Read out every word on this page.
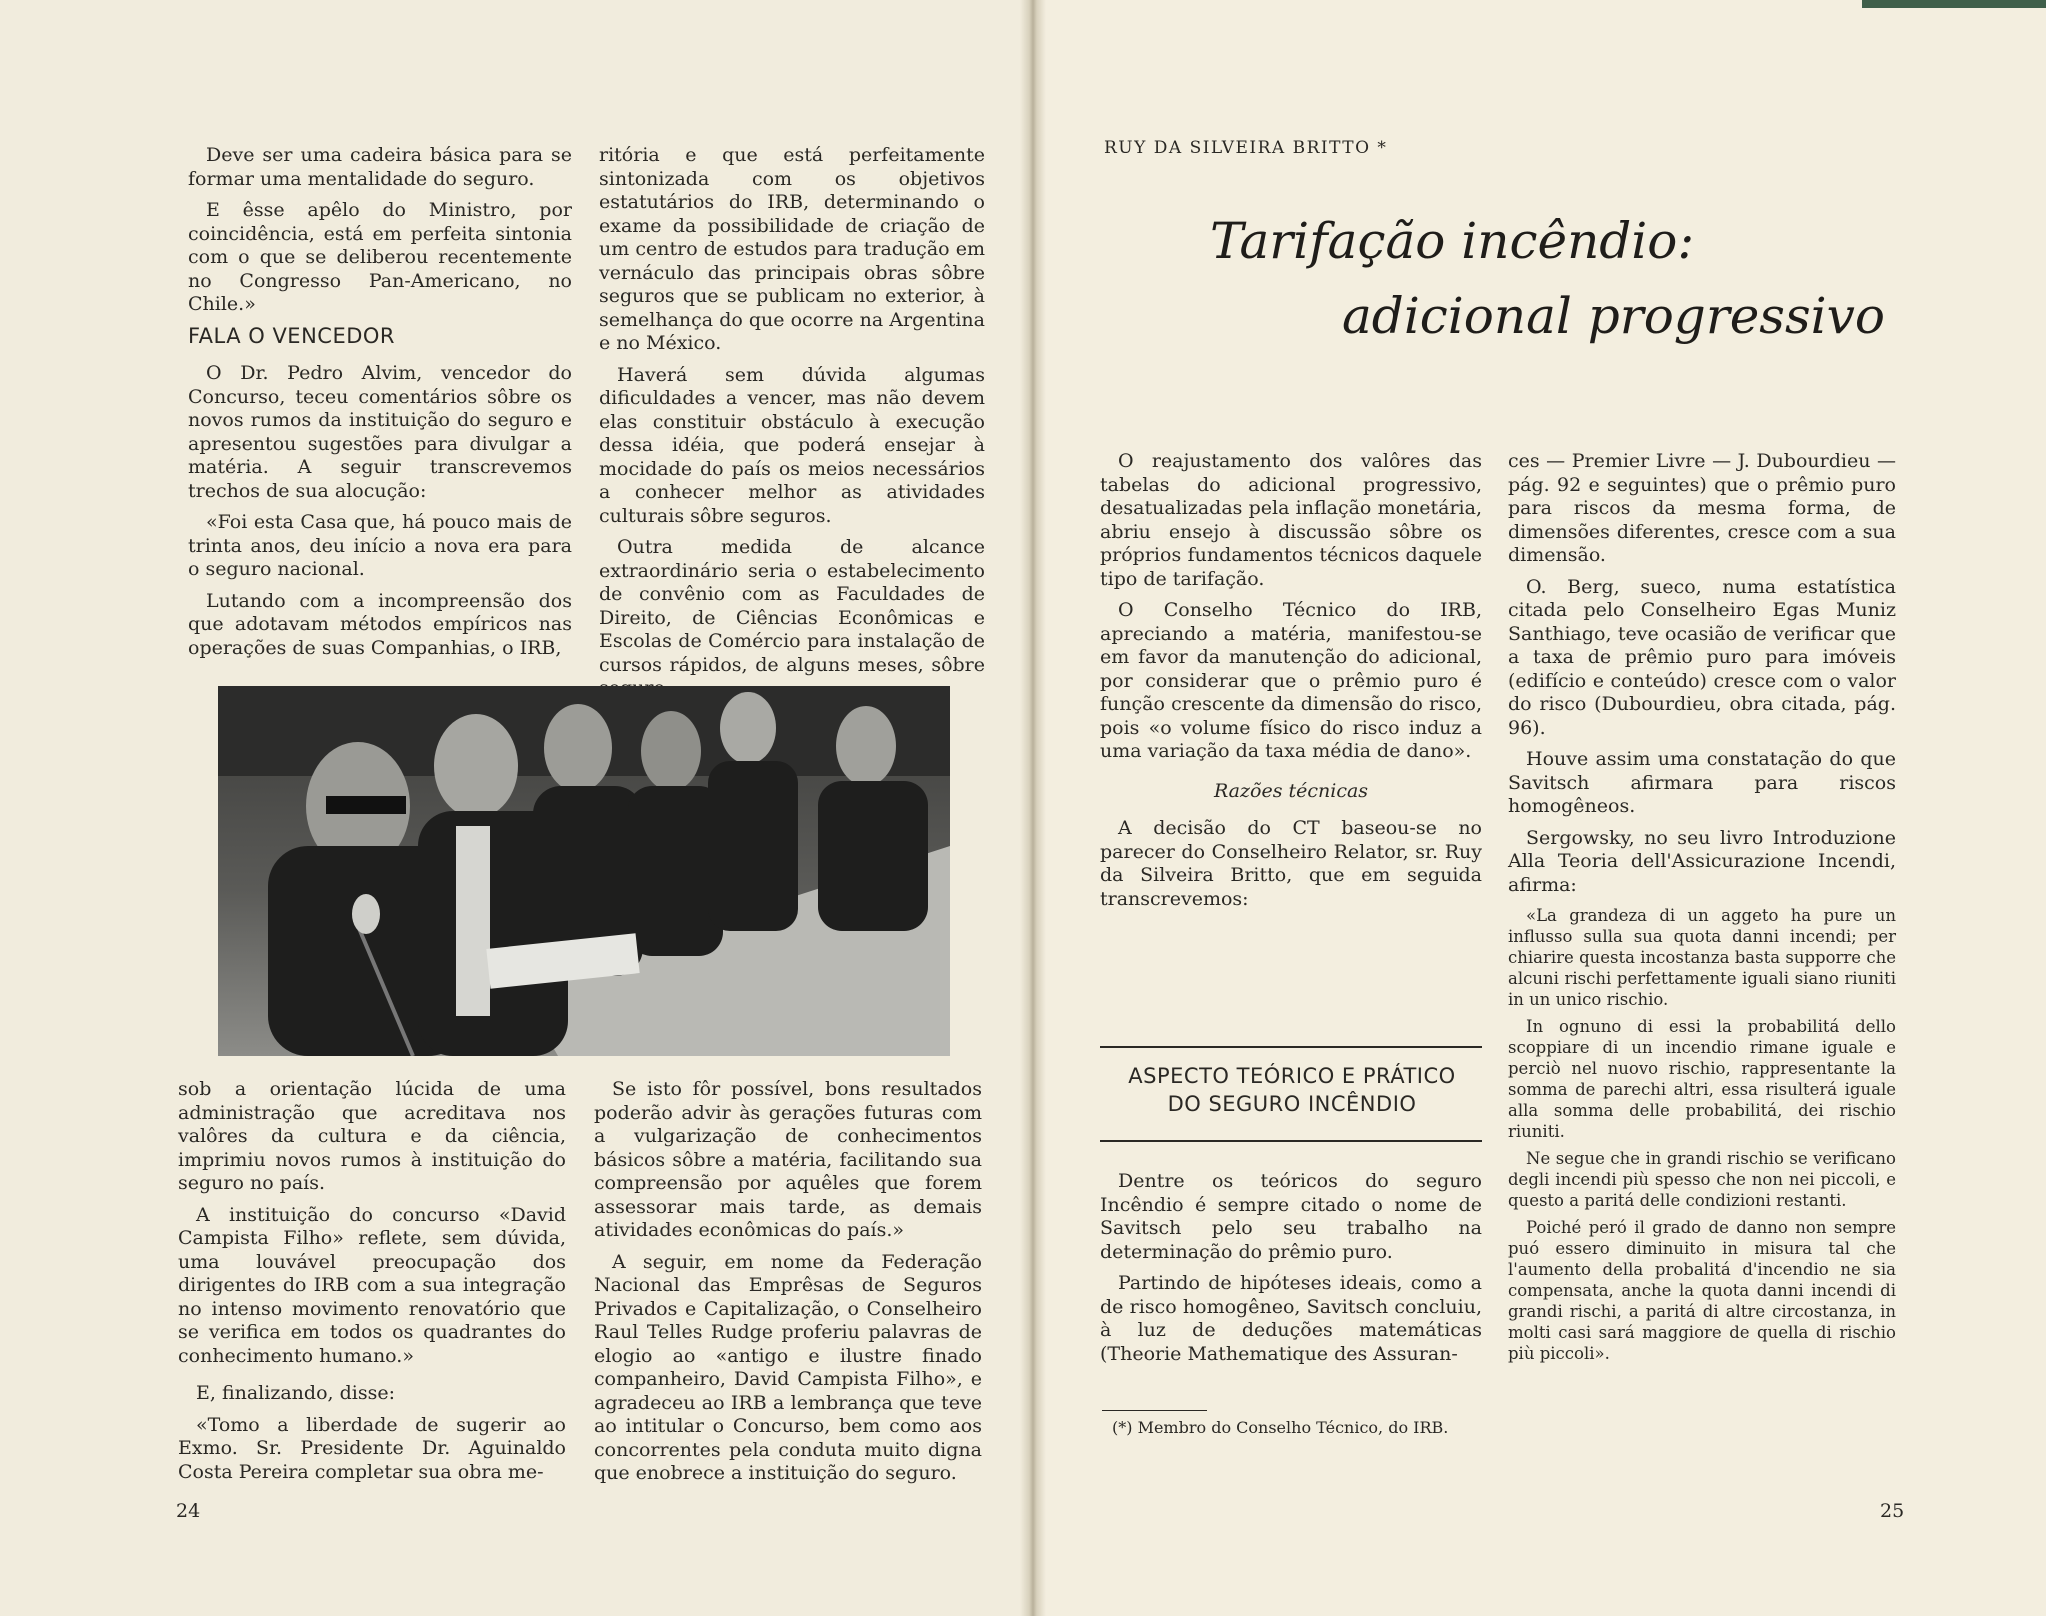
Deve ser uma cadeira básica para se formar uma mentalidade do seguro.

E êsse apêlo do Ministro, por coincidência, está em perfeita sintonia com o que se deliberou recentemente no Congresso Pan-Americano, no Chile.»

FALA O VENCEDOR

O Dr. Pedro Alvim, vencedor do Concurso, teceu comentários sôbre os novos rumos da instituição do seguro e apresentou sugestões para divulgar a matéria. A seguir transcrevemos trechos de sua alocução:

«Foi esta Casa que, há pouco mais de trinta anos, deu início a nova era para o seguro nacional.

Lutando com a incompreensão dos que adotavam métodos empíricos nas operações de suas Companhias, o IRB,

ritória e que está perfeitamente sintonizada com os objetivos estatutários do IRB, determinando o exame da possibilidade de criação de um centro de estudos para tradução em vernáculo das principais obras sôbre seguros que se publicam no exterior, à semelhança do que ocorre na Argentina e no México.

Haverá sem dúvida algumas dificuldades a vencer, mas não devem elas constituir obstáculo à execução dessa idéia, que poderá ensejar à mocidade do país os meios necessários a conhecer melhor as atividades culturais sôbre seguros.

Outra medida de alcance extraordinário seria o estabelecimento de convênio com as Faculdades de Direito, de Ciências Econômicas e Escolas de Comércio para instalação de cursos rápidos, de alguns meses, sôbre

sob a orientação lúcida de uma administração que acreditava nos valôres da cultura e da ciência, imprimiu novos rumos à instituição do seguro no país.

A instituição do concurso «David Campista Filho» reflete, sem dúvida, uma louvável preocupação dos dirigentes do IRB com a sua integração no intenso movimento renovatório que se verifica em todos os quadrantes do conhecimento humano.»

E, finalizando, disse:

«Tomo a liberdade de sugerir ao Exmo. Sr. Presidente Dr. Aguinaldo Costa Pereira completar sua obra me-

Se isto fôr possível, bons resultados poderão advir às gerações futuras com a vulgarização de conhecimentos básicos sôbre a matéria, facilitando sua compreensão por aquêles que forem assessorar mais tarde, as demais atividades econômicas do país.»

A seguir, em nome da Federação Nacional das Emprêsas de Seguros Privados e Capitalização, o Conselheiro Raul Telles Rudge proferiu palavras de elogio ao «antigo e ilustre finado companheiro, David Campista Filho», e agradeceu ao IRB a lembrança que teve ao intitular o Concurso, bem como aos concorrentes pela conduta muito digna que enobrece a instituição do seguro.

24
RUY DA SILVEIRA BRITTO *
Tarifação incêndio:
adicional progressivo

O reajustamento dos valôres das tabelas do adicional progressivo, desatualizadas pela inflação monetária, abriu ensejo à discussão sôbre os próprios fundamentos técnicos daquele tipo de tarifação.

O Conselho Técnico do IRB, apreciando a matéria, manifestou-se em favor da manutenção do adicional, por considerar que o prêmio puro é função crescente da dimensão do risco, pois «o volume físico do risco induz a uma variação da taxa média de dano».

Razões técnicas

A decisão do CT baseou-se no parecer do Conselheiro Relator, sr. Ruy da Silveira Britto, que em seguida transcrevemos:

ASPECTO TEÓRICO E PRÁTICO
DO SEGURO INCÊNDIO

Dentre os teóricos do seguro Incêndio é sempre citado o nome de Savitsch pelo seu trabalho na determinação do prêmio puro.

Partindo de hipóteses ideais, como a de risco homogêneo, Savitsch concluiu, à luz de deduções matemáticas (Theorie Mathematique des Assuran-

(*) Membro do Conselho Técnico, do IRB.

ces — Premier Livre — J. Dubourdieu — pág. 92 e seguintes) que o prêmio puro para riscos da mesma forma, de dimensões diferentes, cresce com a sua dimensão.

O. Berg, sueco, numa estatística citada pelo Conselheiro Egas Muniz Santhiago, teve ocasião de verificar que a taxa de prêmio puro para imóveis (edifício e conteúdo) cresce com o valor do risco (Dubourdieu, obra citada, pág. 96).

Houve assim uma constatação do que Savitsch afirmara para riscos homogêneos.

Sergowsky, no seu livro Introduzione Alla Teoria dell'Assicurazione Incendi, afirma:

«La grandeza di un aggeto ha pure un influsso sulla sua quota danni incendi; per chiarire questa incostanza basta supporre che alcuni rischi perfettamente iguali siano riuniti in un unico rischio.

In ognuno di essi la probabilitá dello scoppiare di un incendio rimane iguale e perciò nel nuovo rischio, rappresentante la somma de parechi altri, essa risulterá iguale alla somma delle probabilitá, dei rischio riuniti.

Ne segue che in grandi rischio se verificano degli incendi più spesso che non nei piccoli, e questo a paritá delle condizioni restanti.

Poiché peró il grado de danno non sempre puó essero diminuito in misura tal che l'aumento della probalitá d'incendio ne sia compensata, anche la quota danni incendi di grandi rischi, a paritá di altre circostanza, in molti casi sará maggiore de quella di rischio più piccoli».

25
